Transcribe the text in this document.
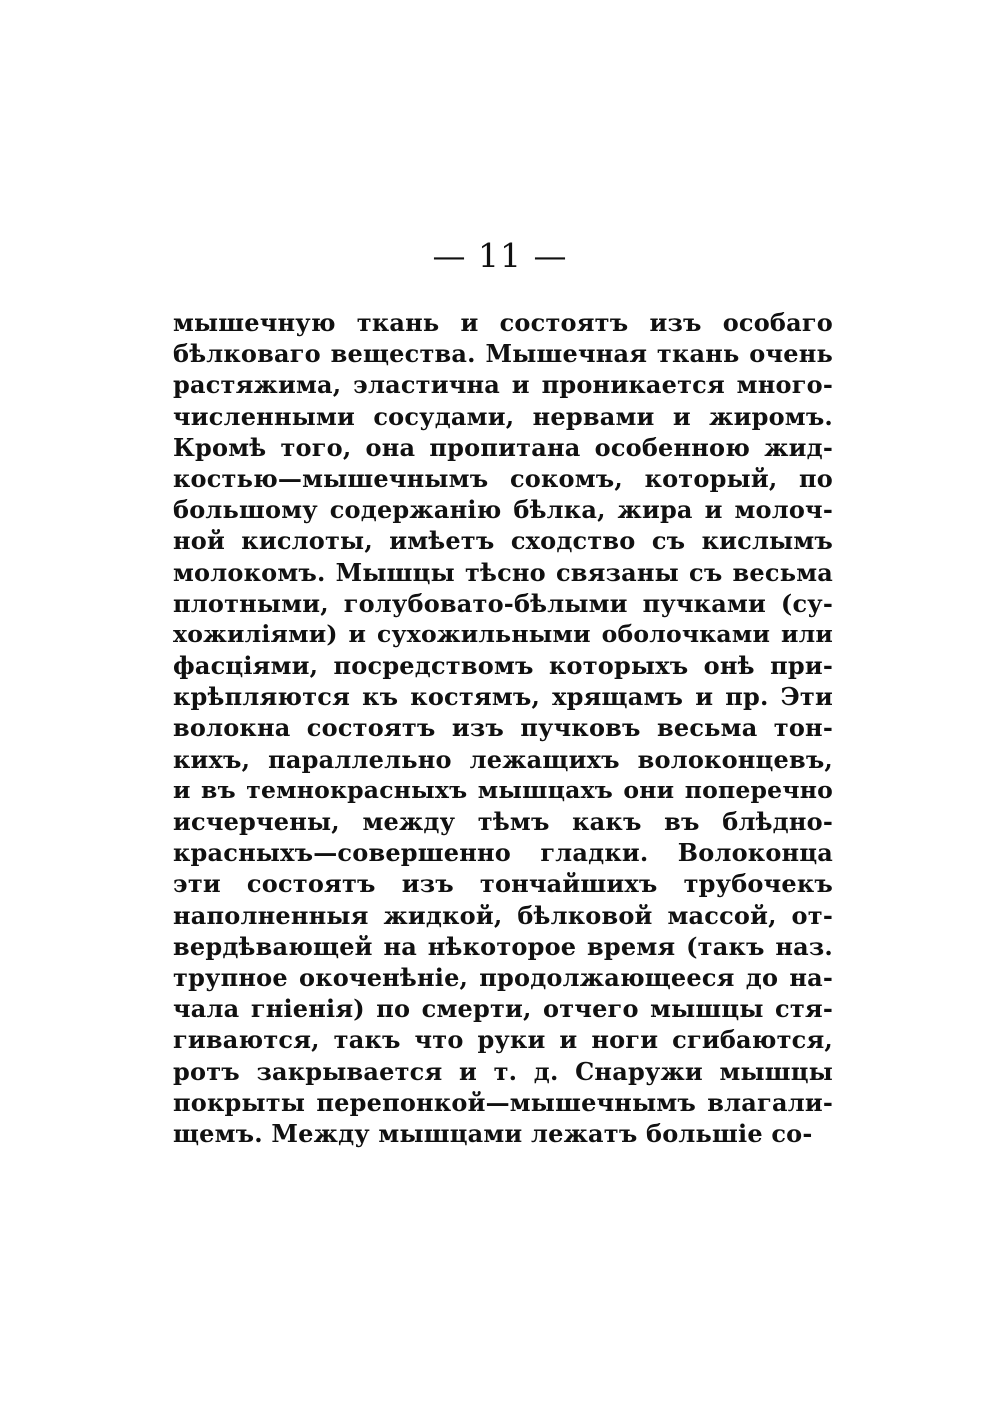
— 11 —
мышечную ткань и состоятъ изъ особаго
бѣлковаго вещества. Мышечная ткань очень
растяжима, эластична и проникается много-
численными сосудами, нервами и жиромъ.
Кромѣ того, она пропитана особенною жид-
костью—мышечнымъ сокомъ, который, по
большому содержанію бѣлка, жира и молоч-
ной кислоты, имѣетъ сходство съ кислымъ
молокомъ. Мышцы тѣсно связаны съ весьма
плотными, голубовато-бѣлыми пучками (су-
хожиліями) и сухожильными оболочками или
фасціями, посредствомъ которыхъ онѣ при-
крѣпляются къ костямъ, хрящамъ и пр. Эти
волокна состоятъ изъ пучковъ весьма тон-
кихъ, параллельно лежащихъ волоконцевъ,
и въ темнокрасныхъ мышцахъ они поперечно
исчерчены, между тѣмъ какъ въ блѣдно-
красныхъ—совершенно гладки. Волоконца
эти состоятъ изъ тончайшихъ трубочекъ
наполненныя жидкой, бѣлковой массой, от-
вердѣвающей на нѣкоторое время (такъ наз.
трупное окоченѣніе, продолжающееся до на-
чала гніенія) по смерти, отчего мышцы стя-
гиваются, такъ что руки и ноги сгибаются,
ротъ закрывается и т. д. Снаружи мышцы
покрыты перепонкой—мышечнымъ влагали-
щемъ. Между мышцами лежатъ большіе со-
